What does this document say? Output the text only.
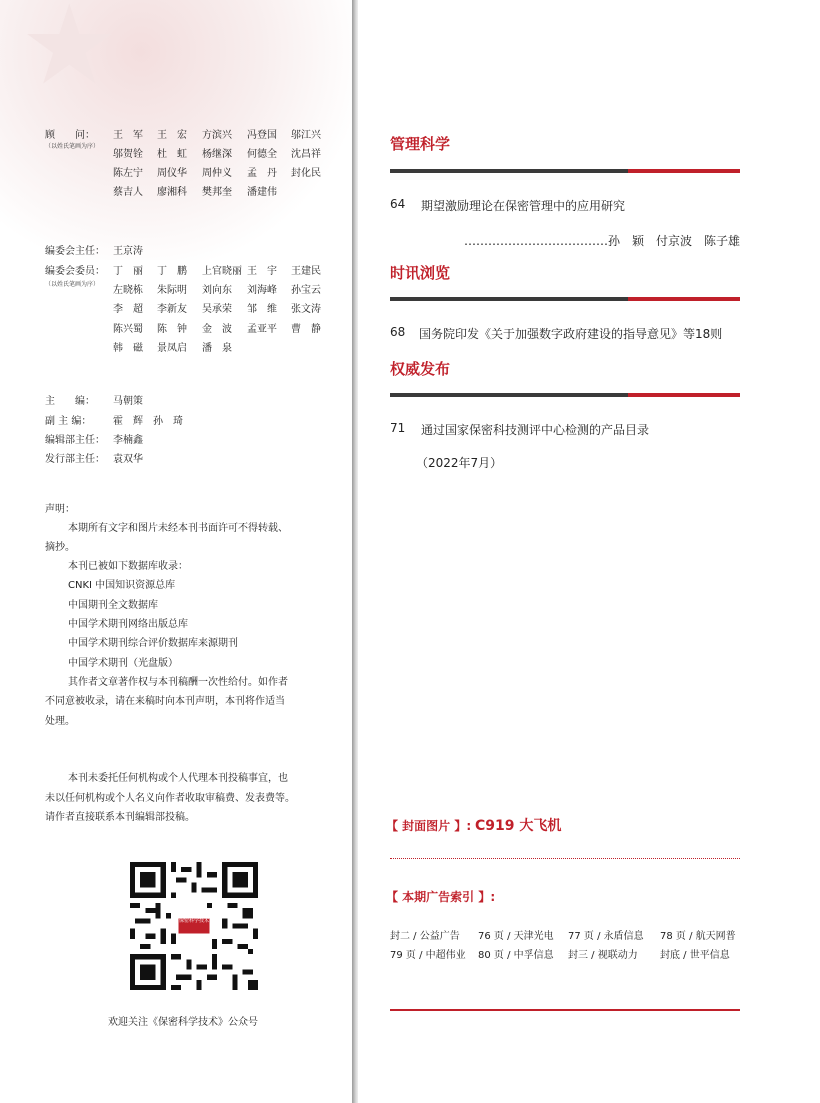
★
顾　　问：
（以姓氏笔画为序）
王　军 王　宏 方滨兴 冯登国 邬江兴
邬贺铨 杜　虹 杨继深 何德全 沈昌祥
陈左宁 周仪华 周仲义 孟　丹 封化民
蔡吉人 廖湘科 樊邦奎 潘建伟
编委会主任： 王京涛
编委会委员：
（以姓氏笔画为序）
丁　丽 丁　鹏 上官晓丽 王　宇 王建民
左晓栋 朱际明 刘向东 刘海峰 孙宝云
李　超 李新友 吴承荣 邹　维 张文涛
陈兴蜀 陈　钟 金　波 孟亚平 曹　静
韩　磁 景凤启 潘　泉
主　　编： 马朝策
副 主 编： 霍　辉　孙　琦
编辑部主任： 李楠鑫
发行部主任： 袁双华
声明：
本期所有文字和图片未经本刊书面许可不得转载、
摘抄。
本刊已被如下数据库收录：
CNKI 中国知识资源总库
中国期刊全文数据库
中国学术期刊网络出版总库
中国学术期刊综合评价数据库来源期刊
中国学术期刊（光盘版）
其作者文章著作权与本刊稿酬一次性给付。如作者
不同意被收录，请在来稿时向本刊声明，本刊将作适当
处理。
本刊未委托任何机构或个人代理本刊投稿事宜，也
未以任何机构或个人名义向作者收取审稿费、发表费等。
请作者直接联系本刊编辑部投稿。
保密科学技术
欢迎关注《保密科学技术》公众号
管理科学
64 期望激励理论在保密管理中的应用研究
………………………………孙　颖　付京波　陈子雄
时讯浏览
68 国务院印发《关于加强数字政府建设的指导意见》等18则
权威发布
71 通过国家保密科技测评中心检测的产品目录
（2022年7月）
【 封面图片 】: C919 大飞机
【 本期广告索引 】:
封二 / 公益广告 76 页 / 天津光电 77 页 / 永盾信息 78 页 / 航天网普
79 页 / 中超伟业 80 页 / 中孚信息 封三 / 视联动力 封底 / 世平信息
